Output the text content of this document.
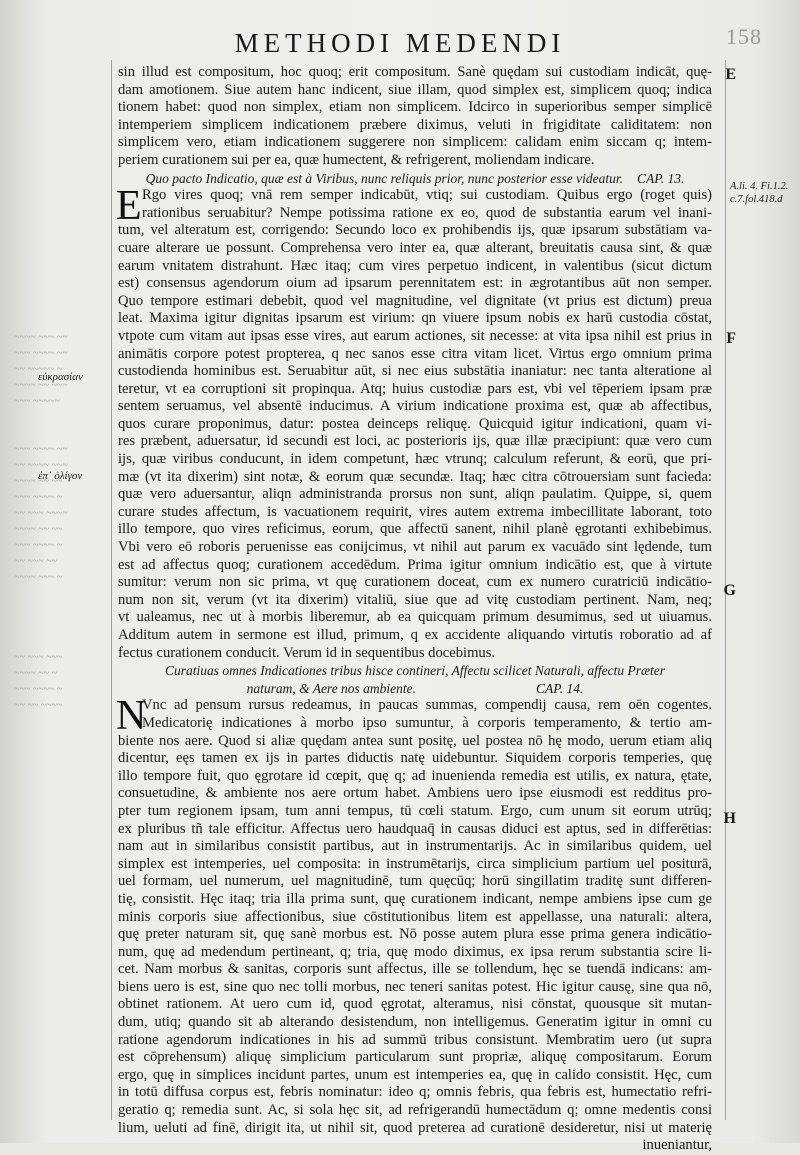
METHODI MEDENDI	158
A.li. 4. Fi.1.2.
c.7.fol.418.d
E
F
G
H
εὐκρασίαν
ἐπ᾽ ὀλίγον
~~~~ ~~~ ~~
~~~ ~~~~ ~~
~~ ~~~~~ ~
~~~~ ~~ ~~~
~~~ ~~~~~

~~~ ~~~~ ~~
~~ ~~~~ ~~~
~~~~ ~~ ~~
~~~ ~~~~ ~
~~ ~~~ ~~~~
~~~~ ~~ ~~
~~~ ~~~~ ~
~~ ~~~ ~~
~~~~ ~~~ ~

~~ ~~~ ~~~
~~~~ ~~ ~
~~~ ~~~~ ~
~~ ~~ ~~~~
sin illud est compositum, hoc quoq; erit compositum. Sanè quędam sui custodiam indicāt, quę-
dam amotionem. Siue autem hanc indicent, siue illam, quod simplex est, simplicem quoq; indica
tionem habet: quod non simplex, etiam non simplicem. Idcirco in superioribus semper simplicē
intemperiem simplicem indicationem præbere diximus, veluti in frigiditate caliditatem: non
simplicem vero, etiam indicationem suggerere non simplicem: calidam enim siccam q; intem-
periem curationem sui per ea, quæ humectent, & refrigerent, moliendam indicare.
Quo pacto Indicatio, quæ est à Viribus, nunc reliquis prior, nunc posterior esse videatur. CAP. 13.
E Rgo vires quoq; vnā rem semper indicabūt, vtiq; sui custodiam. Quibus ergo (roget quis)
rationibus seruabitur? Nempe potissima ratione ex eo, quod de substantia earum vel inani-
tum, vel alteratum est, corrigendo: Secundo loco ex prohibendis ijs, quæ ipsarum substātiam va-
cuare alterare ue possunt. Comprehensa vero inter ea, quæ alterant, breuitatis causa sint, & quæ
earum vnitatem distrahunt. Hæc itaq; cum vires perpetuo indicent, in valentibus (sicut dictum
est) consensus agendorum oium ad ipsarum perennitatem est: in ægrotantibus aūt non semper.
Quo tempore estimari debebit, quod vel magnitudine, vel dignitate (vt prius est dictum) preua
leat. Maxima igitur dignitas ipsarum est virium: qn viuere ipsum nobis ex harū custodia cōstat,
vtpote cum vitam aut ipsas esse vires, aut earum actiones, sit necesse: at vita ipsa nihil est prius in
animātis corpore potest propterea, q nec sanos esse citra vitam licet. Virtus ergo omnium prima
custodienda hominibus est. Seruabitur aūt, si nec eius substātia inaniatur: nec tanta alteratione al
teretur, vt ea corruptioni sit propinqua. Atq; huius custodiæ pars est, vbi vel tēperiem ipsam præ
sentem seruamus, vel absentē inducimus. A virium indicatione proxima est, quæ ab affectibus,
quos curare proponimus, datur: postea deinceps reliquę. Quicquid igitur indicationi, quam vi-
res præbent, aduersatur, id secundi est loci, ac posterioris ijs, quæ illæ præcipiunt: quæ vero cum
ijs, quæ viribus conducunt, in idem competunt, hæc vtrunq; calculum referunt, & eorū, que pri-
mæ (vt ita dixerim) sint notæ, & eorum quæ secundæ. Itaq; hæc citra cōtrouersiam sunt facieda:
quæ vero aduersantur, aliqn administranda prorsus non sunt, aliqn paulatim. Quippe, si, quem
curare studes affectum, is vacuationem requirit, vires autem extrema imbecillitate laborant, toto
illo tempore, quo vires reficimus, eorum, que affectū sanent, nihil planè ęgrotanti exhibebimus.
Vbi vero eō roboris peruenisse eas conijcimus, vt nihil aut parum ex vacuādo sint lędende, tum
est ad affectus quoq; curationem accedēdum. Prima igitur omnium indicātio est, que à virtute
sumitur: verum non sic prima, vt quę curationem doceat, cum ex numero curatriciū indicātio-
num non sit, verum (vt ita dixerim) vitaliū, siue que ad vitę custodiam pertinent. Nam, neq;
vt ualeamus, nec ut à morbis liberemur, ab ea quicquam primum desumimus, sed ut uiuamus.
Additum autem in sermone est illud, primum, q ex accidente aliquando virtutis roboratio ad af
fectus curationem conducit. Verum id in sequentibus docebimus.
Curatiuas omnes Indicationes tribus hisce contineri, Affectu scilicet Naturali, affectu Præter
naturam, & Aere nos ambiente.	CAP. 14.
N
Vnc ad pensum rursus redeamus, in paucas summas, compendij causa, rem oēn cogentes.
Medicatorię indicationes à morbo ipso sumuntur, à corporis temperamento, & tertio am-
biente nos aere. Quod si aliæ quędam antea sunt positę, uel postea nō hę modo, uerum etiam aliq
dicentur, eęs tamen ex ijs in partes diductis natę uidebuntur. Siquidem corporis temperies, quę
illo tempore fuit, quo ęgrotare id cœpit, quę q; ad inuenienda remedia est utilis, ex natura, ętate,
consuetudine, & ambiente nos aere ortum habet. Ambiens uero ipse eiusmodi est redditus pro-
pter tum regionem ipsam, tum anni tempus, tū cœli statum. Ergo, cum unum sit eorum utrūq;
ex pluribus tñ tale efficitur. Affectus uero haudquaq̄ in causas diduci est aptus, sed in differētias:
nam aut in similaribus consistit partibus, aut in instrumentarijs. Ac in similaribus quidem, uel
simplex est intemperies, uel composita: in instrumētarijs, circa simplicium partium uel positurā,
uel formam, uel numerum, uel magnitudinē, tum quęcūq; horū singillatim traditę sunt differen-
tię, consistit. Hęc itaq; tria illa prima sunt, quę curationem indicant, nempe ambiens ipse cum ge
minis corporis siue affectionibus, siue cōstitutionibus litem est appellasse, una naturali: altera,
quę preter naturam sit, quę sanè morbus est. Nō posse autem plura esse prima genera indicātio-
num, quę ad medendum pertineant, q; tria, quę modo diximus, ex ipsa rerum substantia scire li-
cet. Nam morbus & sanitas, corporis sunt affectus, ille se tollendum, hęc se tuendā indicans: am-
biens uero is est, sine quo nec tolli morbus, nec teneri sanitas potest. Hic igitur causę, sine qua nō,
obtinet rationem. At uero cum id, quod ęgrotat, alteramus, nisi cōnstat, quousque sit mutan-
dum, utiq; quando sit ab alterando desistendum, non intelligemus. Generatim igitur in omni cu
ratione agendorum indicationes in his ad summū tribus consistunt. Membratim uero (ut supra
est cōprehensum) aliquę simplicium particularum sunt propriæ, aliquę compositarum. Eorum
ergo, quę in simplices incidunt partes, unum est intemperies ea, quę in calido consistit. Hęc, cum
in totū diffusa corpus est, febris nominatur: ideo q; omnis febris, qua febris est, humectatio refri-
geratio q; remedia sunt. Ac, si sola hęc sit, ad refrigerandū humectādum q; omne medentis consi
lium, ueluti ad finē, dirigit ita, ut nihil sit, quod preterea ad curationē desideretur, nisi ut materię
inueniantur,
